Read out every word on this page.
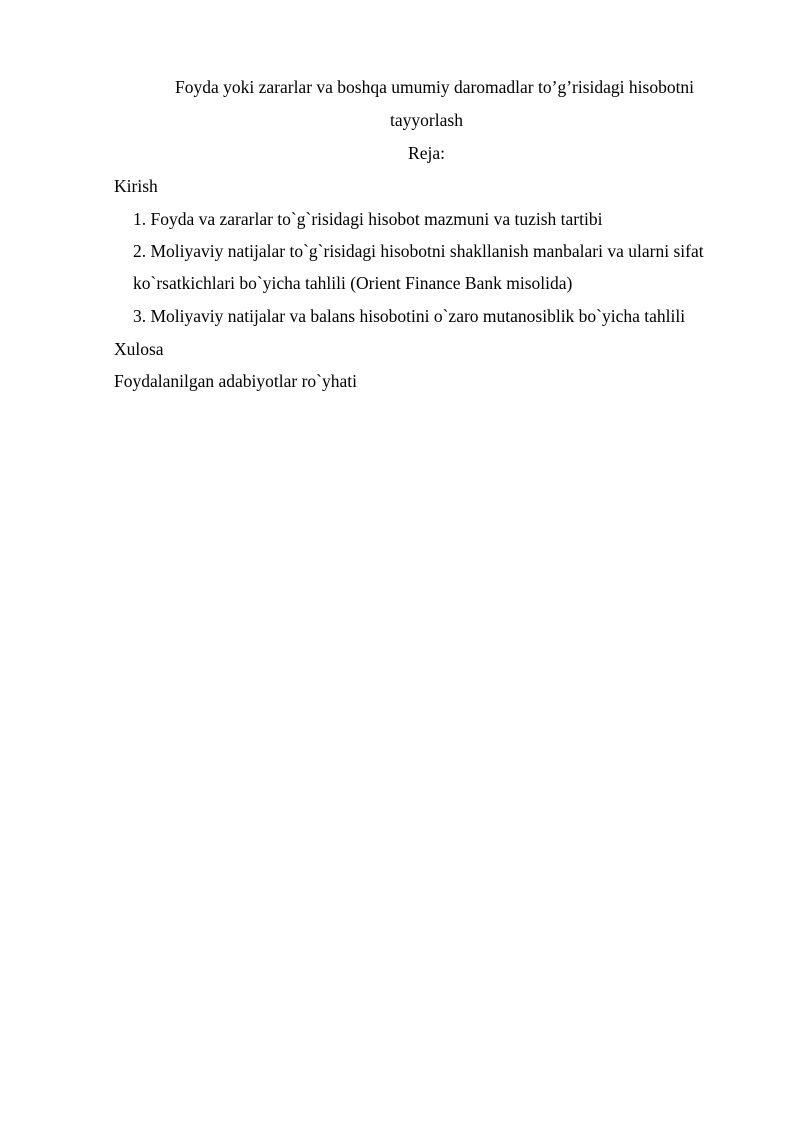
Foyda yoki zararlar va boshqa umumiy daromadlar to’g’risidagi hisobotni
tayyorlash
Reja:
Kirish
1. Foyda va zararlar to`g`risidagi hisobot mazmuni va tuzish tartibi
2. Moliyaviy natijalar to`g`risidagi hisobotni shakllanish manbalari va ularni sifat
ko`rsatkichlari bo`yicha tahlili (Orient Finance Bank misolida)
3. Moliyaviy natijalar va balans hisobotini o`zaro mutanosiblik bo`yicha tahlili
Xulosa
Foydalanilgan adabiyotlar ro`yhati
